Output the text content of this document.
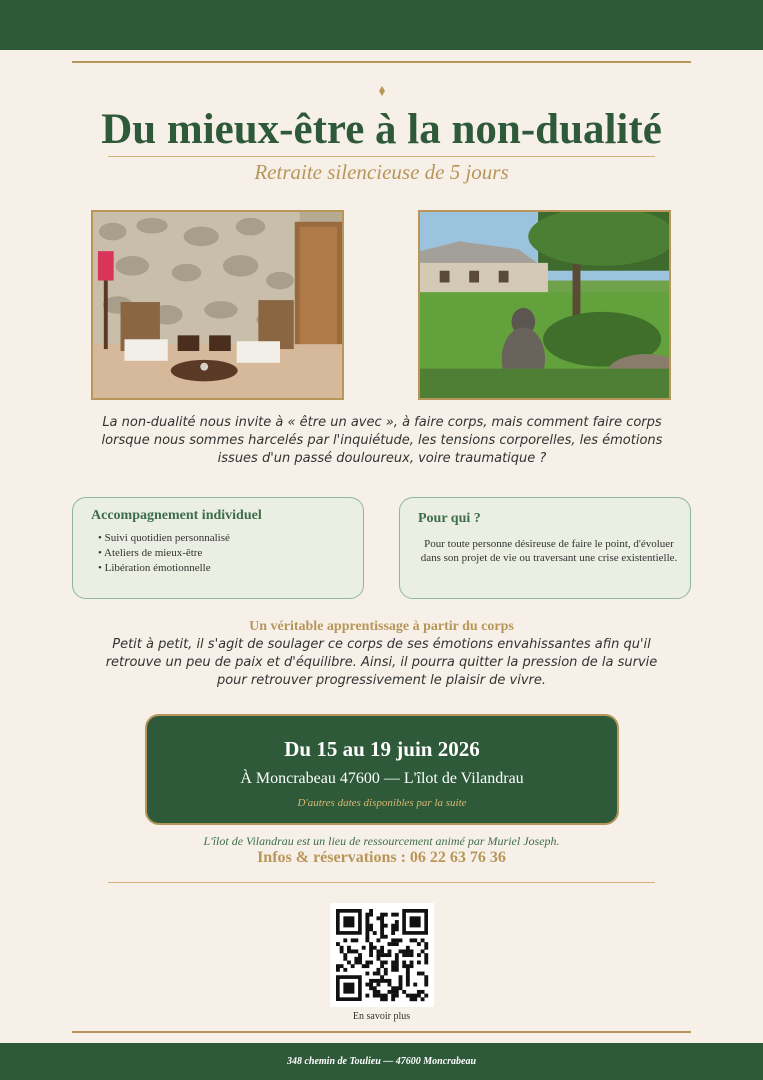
Du mieux-être à la non-dualité
Retraite silencieuse de 5 jours

La non-dualité nous invite à « être un avec », à faire corps, mais comment faire corps lorsque nous sommes harcelés par l'inquiétude, les tensions corporelles, les émotions issues d'un passé douloureux, voire traumatique ?

Accompagnement individuel
• Suivi quotidien personnalisé
• Ateliers de mieux-être
• Libération émotionnelle
Pour qui ?

Pour toute personne désireuse de faire le point, d'évoluer dans son projet de vie ou traversant une crise existentielle.

Un véritable apprentissage à partir du corps

Petit à petit, il s'agit de soulager ce corps de ses émotions envahissantes afin qu'il retrouve un peu de paix et d'équilibre. Ainsi, il pourra quitter la pression de la survie pour retrouver progressivement le plaisir de vivre.

Du 15 au 19 juin 2026
À Moncrabeau 47600 — L'îlot de Vilandrau
D'autres dates disponibles par la suite
L'îlot de Vilandrau est un lieu de ressourcement animé par Muriel Joseph.
Infos & réservations : 06 22 63 76 36
En savoir plus
348 chemin de Toulieu — 47600 Moncrabeau
